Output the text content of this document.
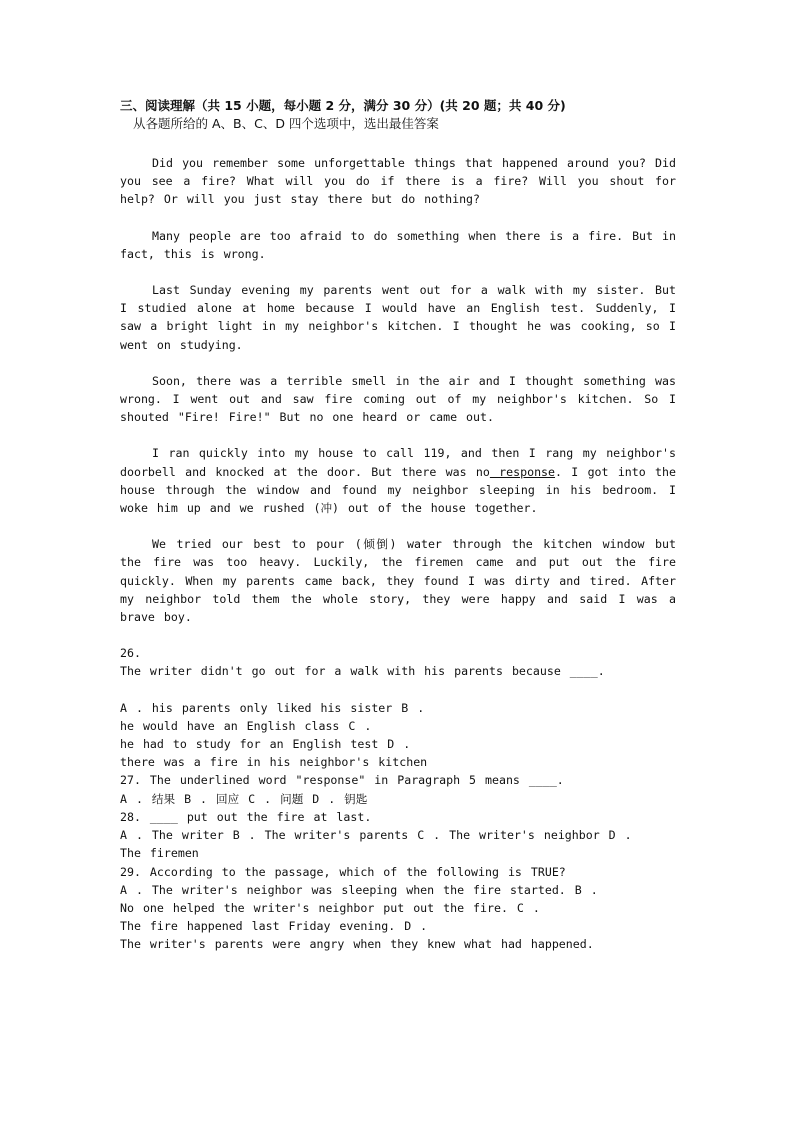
三、阅读理解（共 15 小题，每小题 2 分，满分 30 分）(共 20 题；共 40 分)

从各题所给的 A、B、C、D 四个选项中，选出最佳答案

Did you remember some unforgettable things that happened around you? Did you see a fire? What will you do if there is a fire? Will you shout for help? Or will you just stay there but do nothing?

Many people are too afraid to do something when there is a fire. But in fact, this is wrong.

Last Sunday evening my parents went out for a walk with my sister. But I studied alone at home because I would have an English test. Suddenly, I saw a bright light in my neighbor's kitchen. I thought he was cooking, so I went on studying.

Soon, there was a terrible smell in the air and I thought something was wrong. I went out and saw fire coming out of my neighbor's kitchen. So I shouted "Fire! Fire!" But no one heard or came out.

I ran quickly into my house to call 119, and then I rang my neighbor's doorbell and knocked at the door. But there was no response. I got into the house through the window and found my neighbor sleeping in his bedroom. I woke him up and we rushed (冲) out of the house together.

We tried our best to pour (倾倒) water through the kitchen window but the fire was too heavy. Luckily, the firemen came and put out the fire quickly. When my parents came back, they found I was dirty and tired. After my neighbor told them the whole story, they were happy and said I was a brave boy.

26.

The writer didn't go out for a walk with his parents because ____.

A . his parents only liked his sister B .

he would have an English class C .

he had to study for an English test D .

there was a fire in his neighbor's kitchen

27. The underlined word "response" in Paragraph 5 means ____.

A . 结果 B . 回应 C . 问题 D . 钥匙

28. ____ put out the fire at last.

A . The writer B . The writer's parents C . The writer's neighbor D .

The firemen

29. According to the passage, which of the following is TRUE?

A . The writer's neighbor was sleeping when the fire started. B .

No one helped the writer's neighbor put out the fire. C .

The fire happened last Friday evening. D .

The writer's parents were angry when they knew what had happened.
